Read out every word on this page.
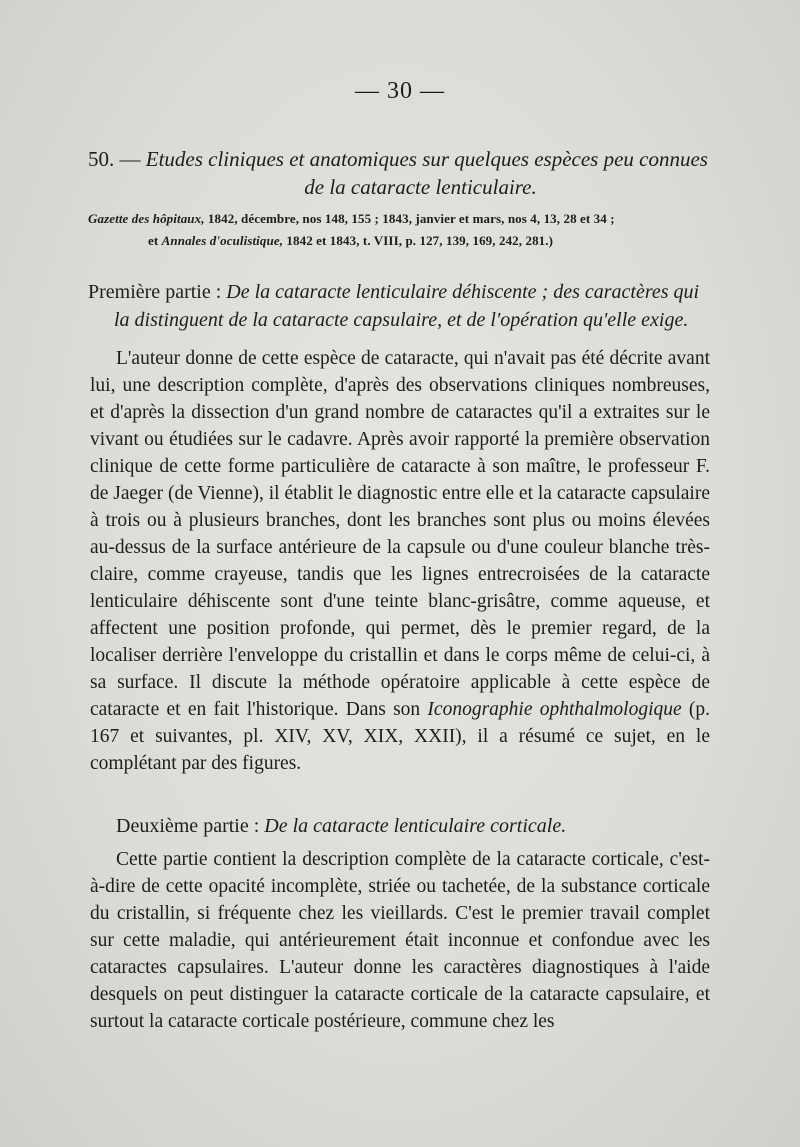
— 30 —
50. — Etudes cliniques et anatomiques sur quelques espèces peu connues
de la cataracte lenticulaire.
Gazette des hôpitaux, 1842, décembre, nos 148, 155 ; 1843, janvier et mars, nos 4, 13, 28 et 34 ;
et Annales d'oculistique, 1842 et 1843, t. VIII, p. 127, 139, 169, 242, 281.)
Première partie : De la cataracte lenticulaire déhiscente ; des caractères qui
la distinguent de la cataracte capsulaire, et de l'opération qu'elle exige.
L'auteur donne de cette espèce de cataracte, qui n'avait pas été décrite avant lui, une description complète, d'après des observations cliniques nombreuses, et d'après la dissection d'un grand nombre de cataractes qu'il a extraites sur le vivant ou étudiées sur le cadavre. Après avoir rapporté la première observation clinique de cette forme particulière de cataracte à son maître, le professeur F. de Jaeger (de Vienne), il établit le diagnostic entre elle et la cataracte capsulaire à trois ou à plusieurs branches, dont les branches sont plus ou moins élevées au-dessus de la surface antérieure de la capsule ou d'une couleur blanche très-claire, comme crayeuse, tandis que les lignes entrecroisées de la cataracte lenticulaire déhiscente sont d'une teinte blanc-grisâtre, comme aqueuse, et affectent une position profonde, qui permet, dès le premier regard, de la localiser derrière l'enveloppe du cristallin et dans le corps même de celui-ci, à sa surface. Il discute la méthode opératoire applicable à cette espèce de cataracte et en fait l'historique. Dans son Iconographie ophthalmologique (p. 167 et suivantes, pl. XIV, XV, XIX, XXII), il a résumé ce sujet, en le complétant par des figures.
Deuxième partie : De la cataracte lenticulaire corticale.
Cette partie contient la description complète de la cataracte corticale, c'est-à-dire de cette opacité incomplète, striée ou tachetée, de la substance corticale du cristallin, si fréquente chez les vieillards. C'est le premier travail complet sur cette maladie, qui antérieurement était inconnue et confondue avec les cataractes capsulaires. L'auteur donne les caractères diagnostiques à l'aide desquels on peut distinguer la cataracte corticale de la cataracte capsulaire, et surtout la cataracte corticale postérieure, commune chez les
